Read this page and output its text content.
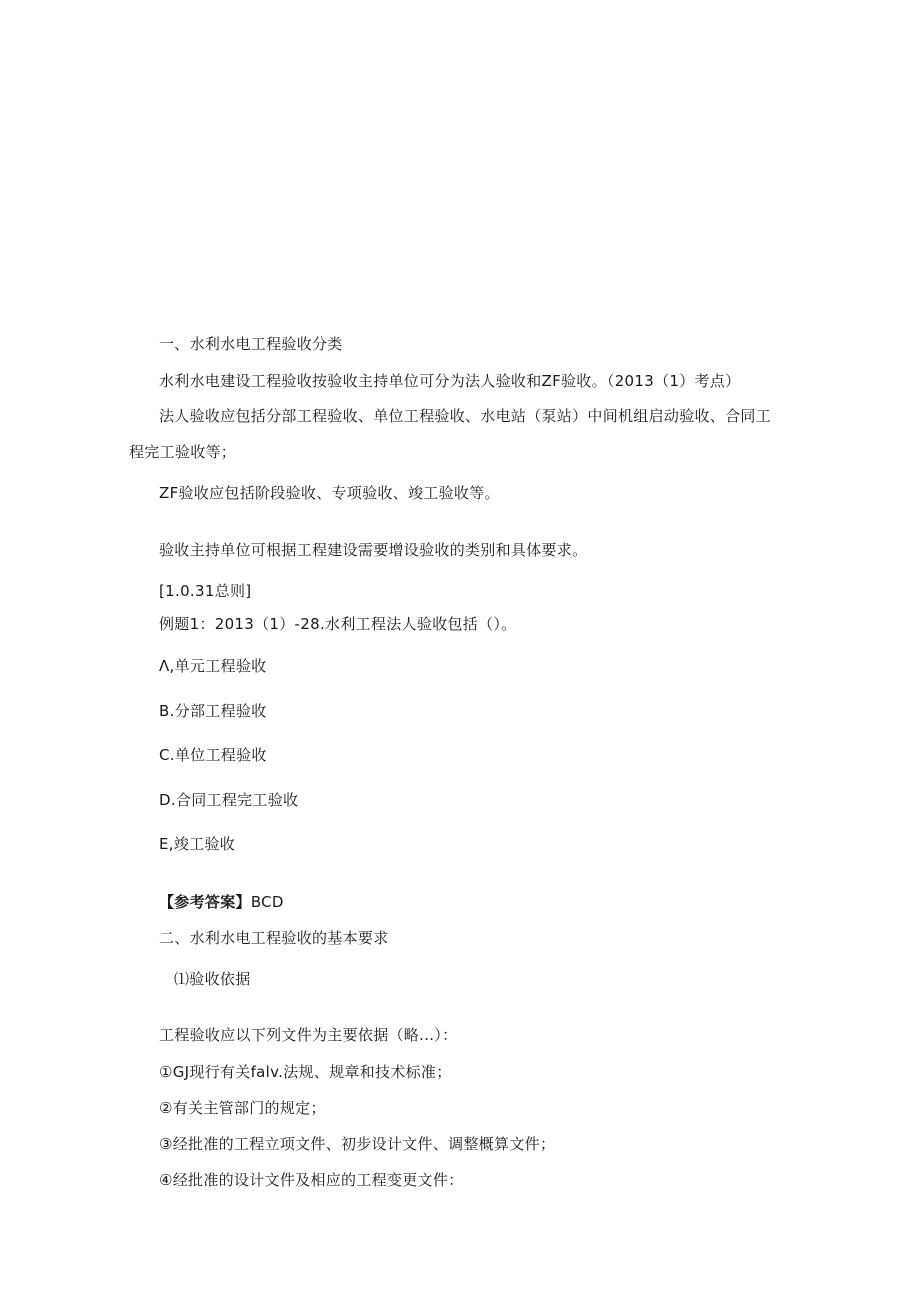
一、水利水电工程验收分类
水利水电建设工程验收按验收主持单位可分为法人验收和ZF验收。（2013（1）考点）
法人验收应包括分部工程验收、单位工程验收、水电站（泵站）中间机组启动验收、合同工
程完工验收等；
ZF验收应包括阶段验收、专项验收、竣工验收等。
验收主持单位可根据工程建设需要增设验收的类别和具体要求。
[1.0.31总则]
例题1：2013（1）-28.水利工程法人验收包括（）。
Λ,单元工程验收
B.分部工程验收
C.单位工程验收
D.合同工程完工验收
E,竣工验收
【参考答案】BCD
二、水利水电工程验收的基本要求
⑴验收依据
工程验收应以下列文件为主要依据（略...）：
①GJ现行有关falv.法规、规章和技术标准；
②有关主管部门的规定；
③经批准的工程立项文件、初步设计文件、调整概算文件；
④经批准的设计文件及相应的工程变更文件：
